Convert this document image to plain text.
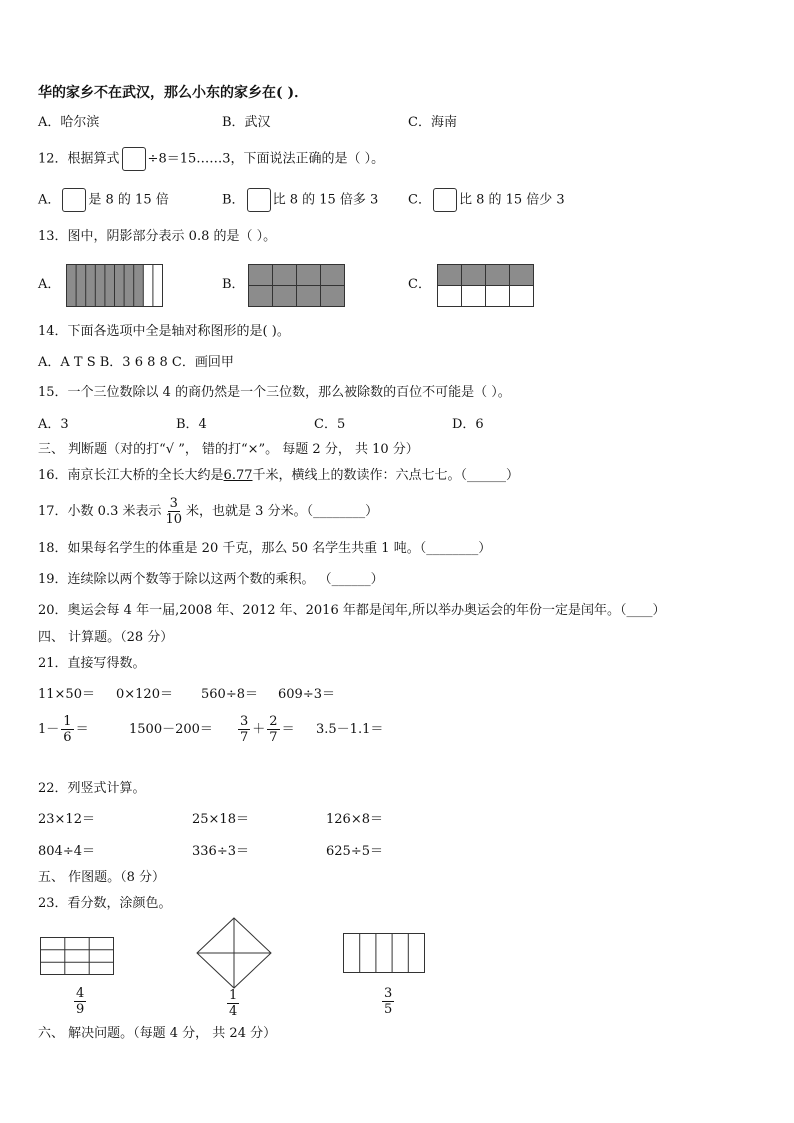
华的家乡不在武汉，那么小东的家乡在( )．
A．哈尔滨	B．武汉	C．海南
12．根据算式 ÷8＝15……3，下面说法正确的是（ ）。
A． 是 8 的 15 倍	B． 比 8 的 15 倍多 3 C． 比 8 的 15 倍少 3
13．图中，阴影部分表示 0.8 的是（ ）。
A．	B．	C．
14．下面各选项中全是轴对称图形的是( )。
A．A T S B．3 6 8 8 C．画回甲
15．一个三位数除以 4 的商仍然是一个三位数，那么被除数的百位不可能是（ ）。
A．3	B．4	C．5	D．6
三、 判断题（对的打“√ ”， 错的打“×”。 每题 2 分， 共 10 分）
16．南京长江大桥的全长大约是6.77千米，横线上的数读作：六点七七。（______）
17．小数 0.3 米表示 $\frac{3}{10}$ 米，也就是 3 分米。（________）
18．如果每名学生的体重是 20 千克，那么 50 名学生共重 1 吨。（________）
19．连续除以两个数等于除以这两个数的乘积。 （______）
20．奥运会每 4 年一届,2008 年、2012 年、2016 年都是闰年,所以举办奥运会的年份一定是闰年。（____）
四、 计算题。（28 分）
21．直接写得数。
11×50＝ 0×120＝ 560÷8＝ 609÷3＝
$1- \frac{1}{6}$ ＝	$1500-200= \frac{3}{7} + \frac{2}{7} = 3.5-1.1=$
22．列竖式计算。
23×12＝	25×18＝	126×8＝
804÷4＝	336÷3＝	625÷5＝
五、 作图题。（8 分）
23．看分数，涂颜色。
$\frac{4}{9}$	$\frac{1}{4}$	$\frac{3}{5}$
六、 解决问题。（每题 4 分， 共 24 分）
